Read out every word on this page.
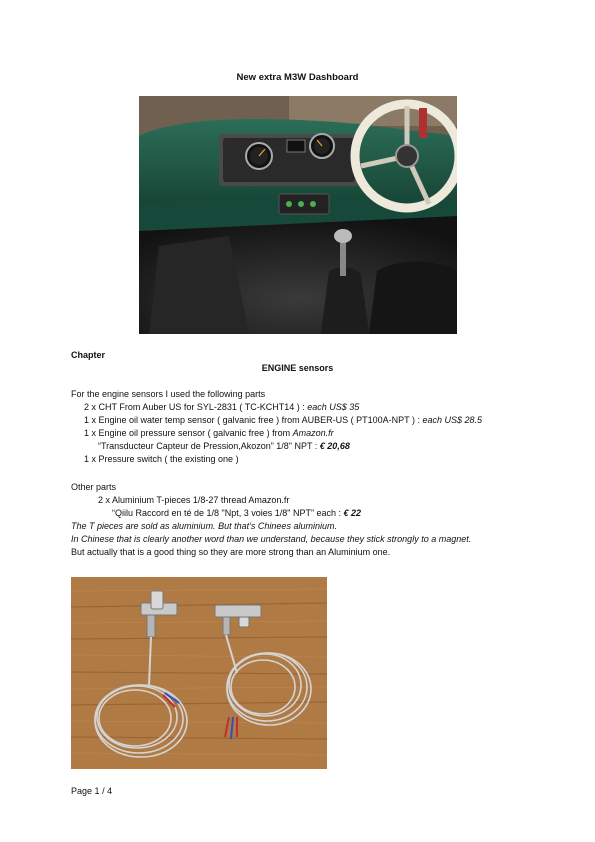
New extra M3W Dashboard

Chapter

ENGINE sensors

For the engine sensors I used the following parts
2 x CHT From Auber US for SYL-2831 ( TC-KCHT14 ) : each US$ 35
1 x Engine oil water temp sensor ( galvanic free ) from AUBER-US ( PT100A-NPT ) : each US$ 28.5
1 x Engine oil pressure sensor ( galvanic free ) from Amazon.fr
“Transducteur Capteur de Pression,Akozon” 1/8" NPT : € 20,68
1 x Pressure switch ( the existing one )
Other parts
2 x Aluminium T-pieces 1/8-27 thread Amazon.fr
“Qiilu Raccord en té de 1/8 "Npt, 3 voies 1/8" NPT” each : € 22
The T pieces are sold as aluminium. But that’s Chinees aluminium.
In Chinese that is clearly another word than we understand, because they stick strongly to a magnet.
But actually that is a good thing so they are more strong than an Aluminium one.
Page 1 / 4
